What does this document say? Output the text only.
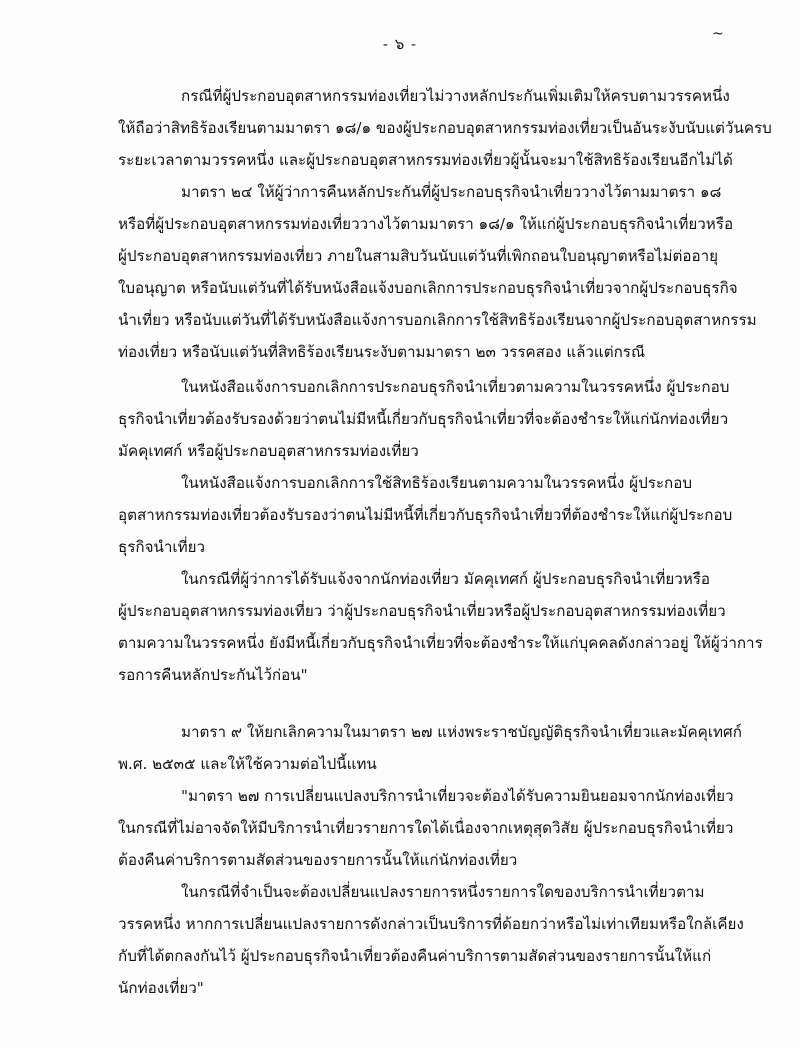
- ๖ -
~
กรณีที่ผู้ประกอบอุตสาหกรรมท่องเที่ยวไม่วางหลักประกันเพิ่มเติมให้ครบตามวรรคหนึ่ง
ให้ถือว่าสิทธิร้องเรียนตามมาตรา ๑๘/๑ ของผู้ประกอบอุตสาหกรรมท่องเที่ยวเป็นอันระงับนับแต่วันครบ
ระยะเวลาตามวรรคหนึ่ง และผู้ประกอบอุตสาหกรรมท่องเที่ยวผู้นั้นจะมาใช้สิทธิร้องเรียนอีกไม่ได้
มาตรา ๒๔ ให้ผู้ว่าการคืนหลักประกันที่ผู้ประกอบธุรกิจนำเที่ยววางไว้ตามมาตรา ๑๘
หรือที่ผู้ประกอบอุตสาหกรรมท่องเที่ยววางไว้ตามมาตรา ๑๘/๑ ให้แก่ผู้ประกอบธุรกิจนำเที่ยวหรือ
ผู้ประกอบอุตสาหกรรมท่องเที่ยว ภายในสามสิบวันนับแต่วันที่เพิกถอนใบอนุญาตหรือไม่ต่ออายุ
ใบอนุญาต หรือนับแต่วันที่ได้รับหนังสือแจ้งบอกเลิกการประกอบธุรกิจนำเที่ยวจากผู้ประกอบธุรกิจ
นำเที่ยว หรือนับแต่วันที่ได้รับหนังสือแจ้งการบอกเลิกการใช้สิทธิร้องเรียนจากผู้ประกอบอุตสาหกรรม
ท่องเที่ยว หรือนับแต่วันที่สิทธิร้องเรียนระงับตามมาตรา ๒๓ วรรคสอง แล้วแต่กรณี
ในหนังสือแจ้งการบอกเลิกการประกอบธุรกิจนำเที่ยวตามความในวรรคหนึ่ง ผู้ประกอบ
ธุรกิจนำเที่ยวต้องรับรองด้วยว่าตนไม่มีหนี้เกี่ยวกับธุรกิจนำเที่ยวที่จะต้องชำระให้แก่นักท่องเที่ยว
มัคคุเทศก์ หรือผู้ประกอบอุตสาหกรรมท่องเที่ยว
ในหนังสือแจ้งการบอกเลิกการใช้สิทธิร้องเรียนตามความในวรรคหนึ่ง ผู้ประกอบ
อุตสาหกรรมท่องเที่ยวต้องรับรองว่าตนไม่มีหนี้ที่เกี่ยวกับธุรกิจนำเที่ยวที่ต้องชำระให้แก่ผู้ประกอบ
ธุรกิจนำเที่ยว
ในกรณีที่ผู้ว่าการได้รับแจ้งจากนักท่องเที่ยว มัคคุเทศก์ ผู้ประกอบธุรกิจนำเที่ยวหรือ
ผู้ประกอบอุตสาหกรรมท่องเที่ยว ว่าผู้ประกอบธุรกิจนำเที่ยวหรือผู้ประกอบอุตสาหกรรมท่องเที่ยว
ตามความในวรรคหนึ่ง ยังมีหนี้เกี่ยวกับธุรกิจนำเที่ยวที่จะต้องชำระให้แก่บุคคลดังกล่าวอยู่ ให้ผู้ว่าการ
รอการคืนหลักประกันไว้ก่อน"
มาตรา ๙ ให้ยกเลิกความในมาตรา ๒๗ แห่งพระราชบัญญัติธุรกิจนำเที่ยวและมัคคุเทศก์
พ.ศ. ๒๕๓๕ และให้ใช้ความต่อไปนี้แทน
"มาตรา ๒๗ การเปลี่ยนแปลงบริการนำเที่ยวจะต้องได้รับความยินยอมจากนักท่องเที่ยว
ในกรณีที่ไม่อาจจัดให้มีบริการนำเที่ยวรายการใดได้เนื่องจากเหตุสุดวิสัย ผู้ประกอบธุรกิจนำเที่ยว
ต้องคืนค่าบริการตามสัดส่วนของรายการนั้นให้แก่นักท่องเที่ยว
ในกรณีที่จำเป็นจะต้องเปลี่ยนแปลงรายการหนึ่งรายการใดของบริการนำเที่ยวตาม
วรรคหนึ่ง หากการเปลี่ยนแปลงรายการดังกล่าวเป็นบริการที่ด้อยกว่าหรือไม่เท่าเทียมหรือใกล้เคียง
กับที่ได้ตกลงกันไว้ ผู้ประกอบธุรกิจนำเที่ยวต้องคืนค่าบริการตามสัดส่วนของรายการนั้นให้แก่
นักท่องเที่ยว"
